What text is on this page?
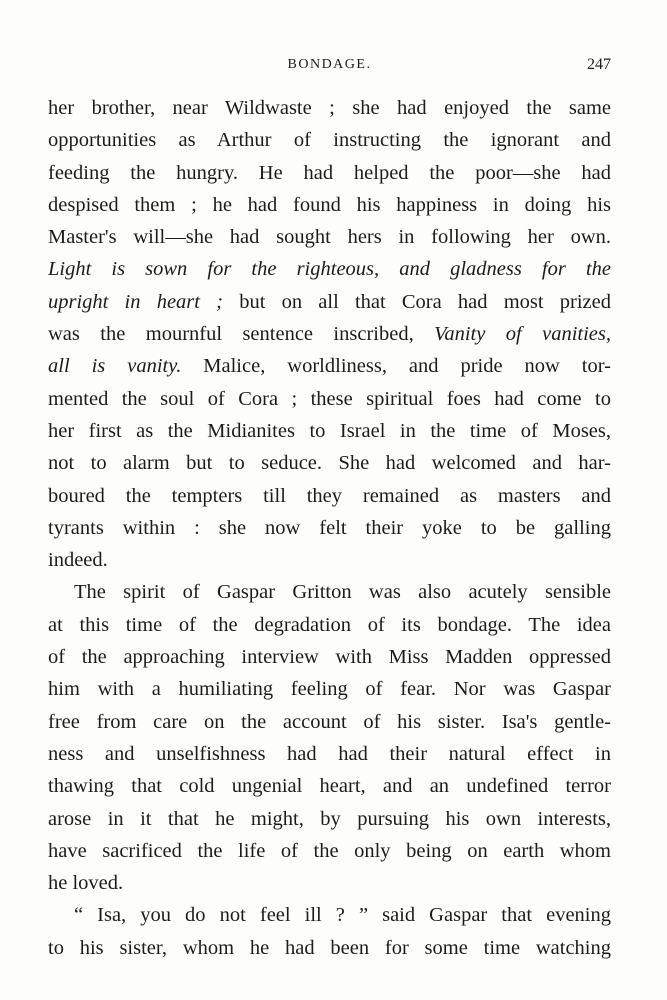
BONDAGE.	247
her brother, near Wildwaste ; she had enjoyed the same
opportunities as Arthur of instructing the ignorant and
feeding the hungry. He had helped the poor—she had
despised them ; he had found his happiness in doing his
Master's will—she had sought hers in following her own.
Light is sown for the righteous, and gladness for the
upright in heart ; but on all that Cora had most prized
was the mournful sentence inscribed, Vanity of vanities,
all is vanity. Malice, worldliness, and pride now tor-
mented the soul of Cora ; these spiritual foes had come to
her first as the Midianites to Israel in the time of Moses,
not to alarm but to seduce. She had welcomed and har-
boured the tempters till they remained as masters and
tyrants within : she now felt their yoke to be galling
indeed.
The spirit of Gaspar Gritton was also acutely sensible
at this time of the degradation of its bondage. The idea
of the approaching interview with Miss Madden oppressed
him with a humiliating feeling of fear. Nor was Gaspar
free from care on the account of his sister. Isa's gentle-
ness and unselfishness had had their natural effect in
thawing that cold ungenial heart, and an undefined terror
arose in it that he might, by pursuing his own interests,
have sacrificed the life of the only being on earth whom
he loved.
“ Isa, you do not feel ill ? ” said Gaspar that evening
to his sister, whom he had been for some time watching
